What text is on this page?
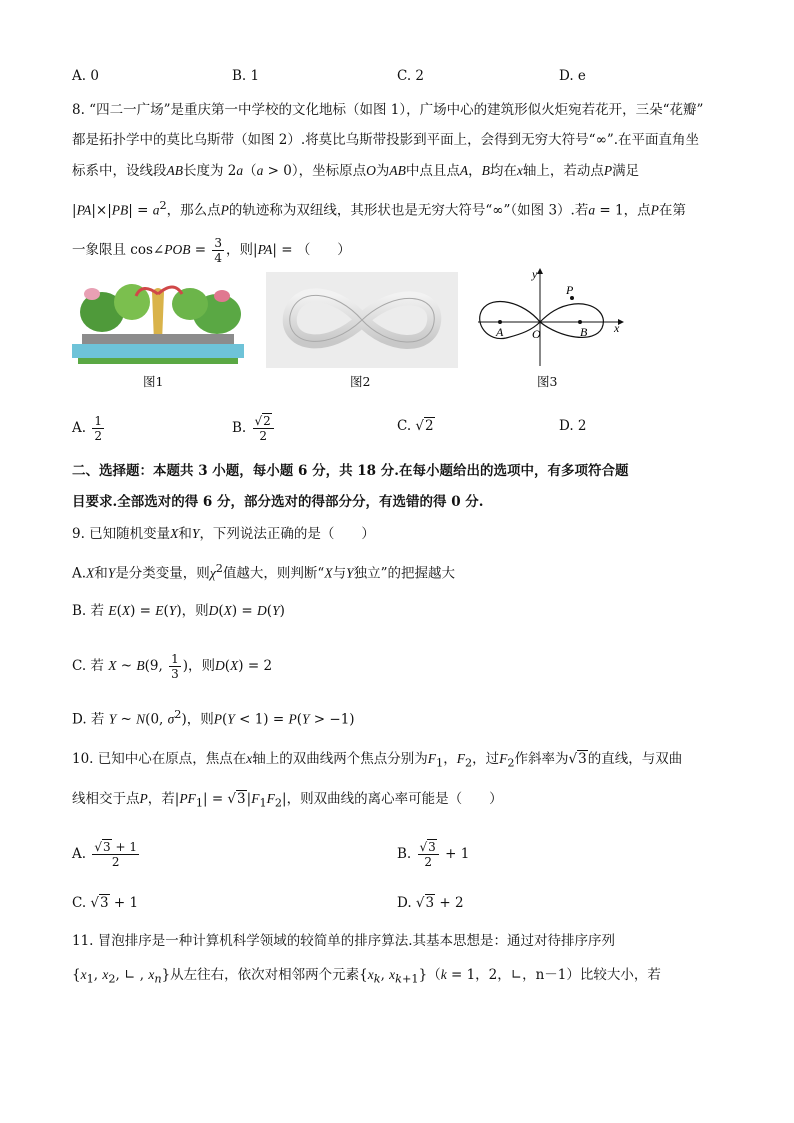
A. 0	B. 1	C. 2	D. e
8. “四二一广场”是重庆第一中学校的文化地标（如图 1），广场中心的建筑形似火炬宛若花开，三朵“花瓣”
都是拓扑学中的莫比乌斯带（如图 2）.将莫比乌斯带投影到平面上，会得到无穷大符号“∞”.在平面直角坐
标系中，设线段AB长度为 2a（a > 0），坐标原点O为AB中点且点A，B均在x轴上，若动点P满足
$|PA|\times|PB| = a^2$，那么点P的轨迹称为双纽线，其形状也是无穷大符号“∞”（如图 3）.若a = 1，点P在第
一象限且 cos∠POB = $\frac{3}{4}$ ，则|PA| = （　　）
图1	图2
y
x
P
A O	B
图3
A. $\frac{1}{2}$	B. $\frac{√2}{2}$	C. √2	D. 2
二、选择题：本题共 3 小题，每小题 6 分，共 18 分.在每小题给出的选项中，有多项符合题
目要求.全部选对的得 6 分，部分选对的得部分分，有选错的得 0 分.
9. 已知随机变量X和Y，下列说法正确的是（　　）
A.X和Y是分类变量，则$\chi^2$值越大，则判断“X与Y独立”的把握越大
B. 若 E(X) = E(Y)，则D(X) = D(Y)
C. 若 X ~ B(9, $\frac{1}{3}$ )，则D(X) = 2
D. 若 Y ~ N(0, $\sigma^2$)，则P(Y < 1) = P(Y > −1)
10. 已知中心在原点，焦点在x轴上的双曲线两个焦点分别为$F_1$，$F_2$，过$F_2$作斜率为√3的直线，与双曲
线相交于点P，若$|PF_1| = √3|F_1F_2|$，则双曲线的离心率可能是（　　）
A. $\frac{√3 + 1}{2}$	B. $\frac{√3}{2} + 1$
C. √3 + 1	D. √3 + 2
11. 冒泡排序是一种计算机科学领域的较简单的排序算法.其基本思想是：通过对待排序序列
{$x_1$, $x_2$, ∟ , $x_n$}从左往右，依次对相邻两个元素{$x_k$, $x_{k+1}\}(k = 1$，2，∟，n－1）比较大小，若
